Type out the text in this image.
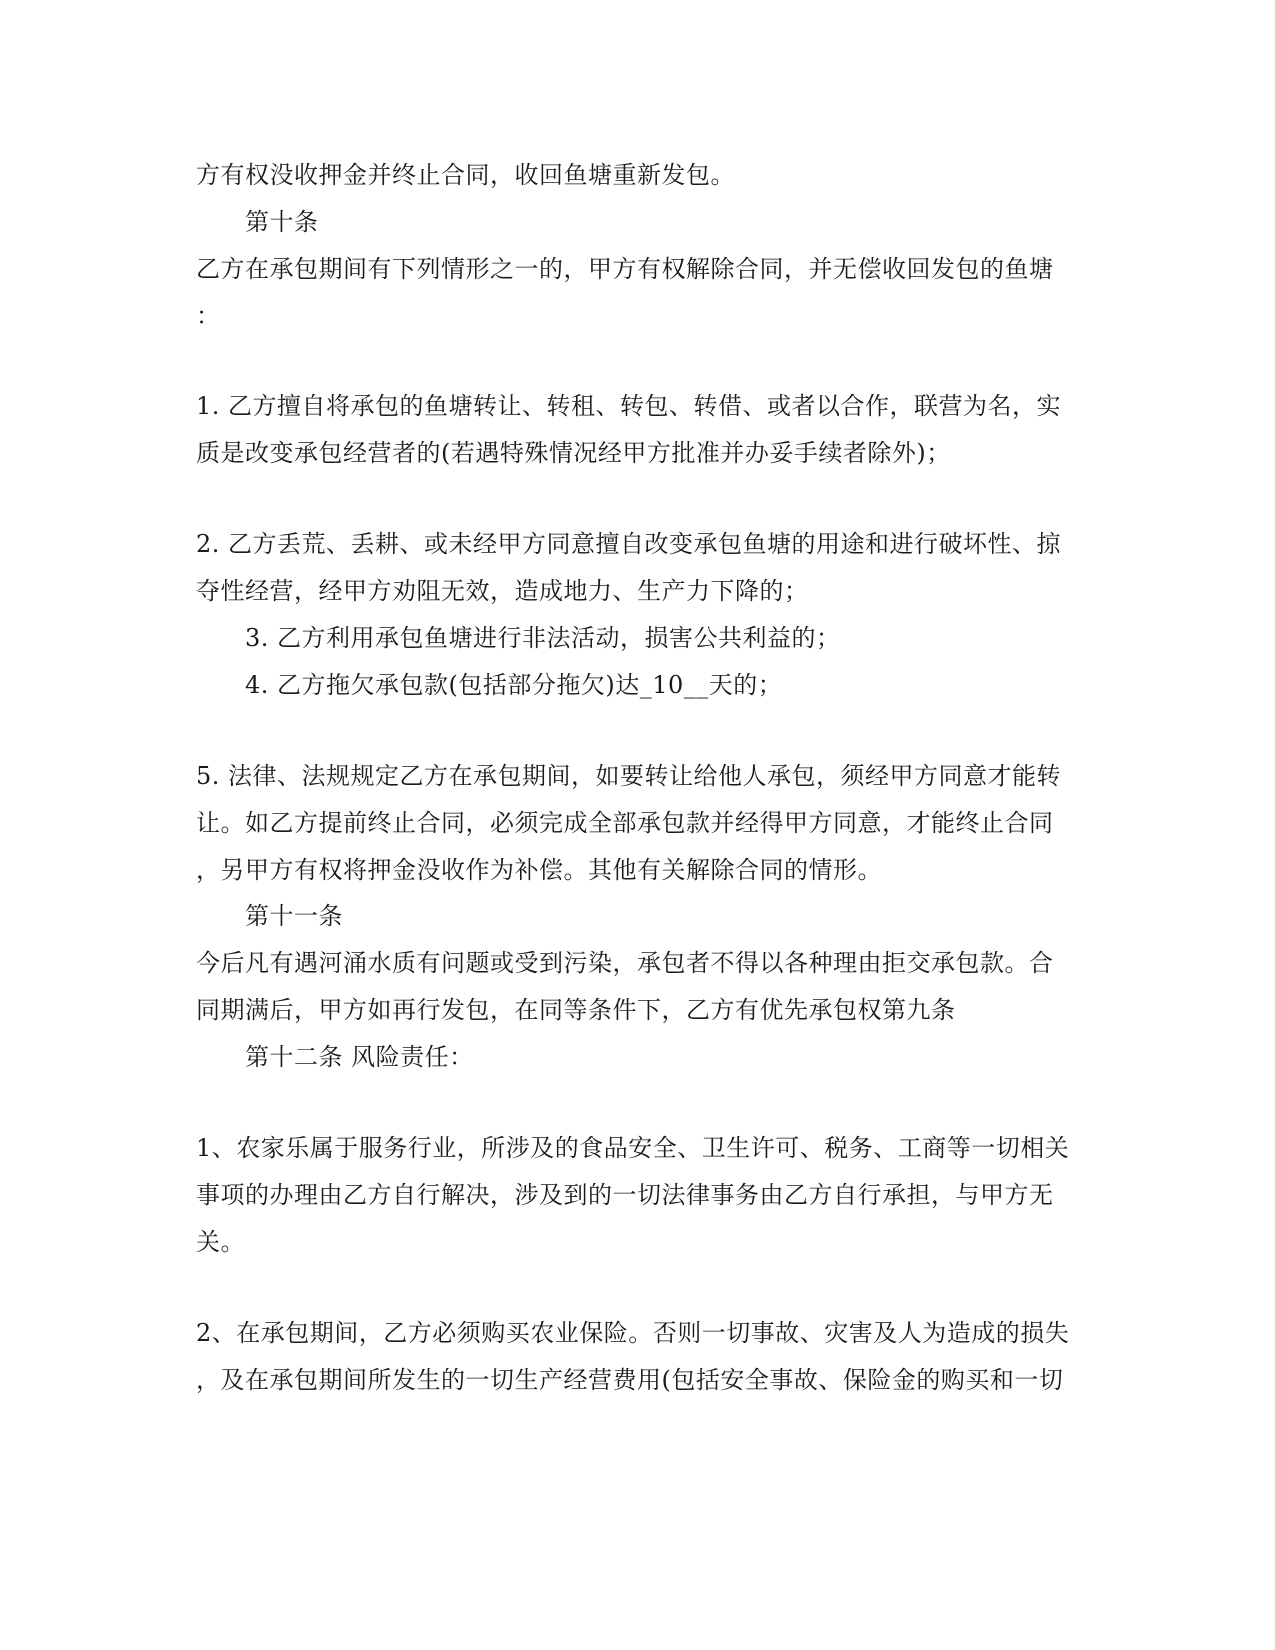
方有权没收押金并终止合同，收回鱼塘重新发包。
第十条
乙方在承包期间有下列情形之一的，甲方有权解除合同，并无偿收回发包的鱼塘
：
1. 乙方擅自将承包的鱼塘转让、转租、转包、转借、或者以合作，联营为名，实
质是改变承包经营者的(若遇特殊情况经甲方批准并办妥手续者除外)；
2. 乙方丢荒、丢耕、或未经甲方同意擅自改变承包鱼塘的用途和进行破坏性、掠
夺性经营，经甲方劝阻无效，造成地力、生产力下降的；
3. 乙方利用承包鱼塘进行非法活动，损害公共利益的；
4. 乙方拖欠承包款(包括部分拖欠)达_10__天的；
5. 法律、法规规定乙方在承包期间，如要转让给他人承包，须经甲方同意才能转
让。如乙方提前终止合同，必须完成全部承包款并经得甲方同意，才能终止合同
，另甲方有权将押金没收作为补偿。其他有关解除合同的情形。
第十一条
今后凡有遇河涌水质有问题或受到污染，承包者不得以各种理由拒交承包款。合
同期满后，甲方如再行发包，在同等条件下，乙方有优先承包权第九条
第十二条 风险责任：
1、农家乐属于服务行业，所涉及的食品安全、卫生许可、税务、工商等一切相关
事项的办理由乙方自行解决，涉及到的一切法律事务由乙方自行承担，与甲方无
关。
2、在承包期间，乙方必须购买农业保险。否则一切事故、灾害及人为造成的损失
，及在承包期间所发生的一切生产经营费用(包括安全事故、保险金的购买和一切
